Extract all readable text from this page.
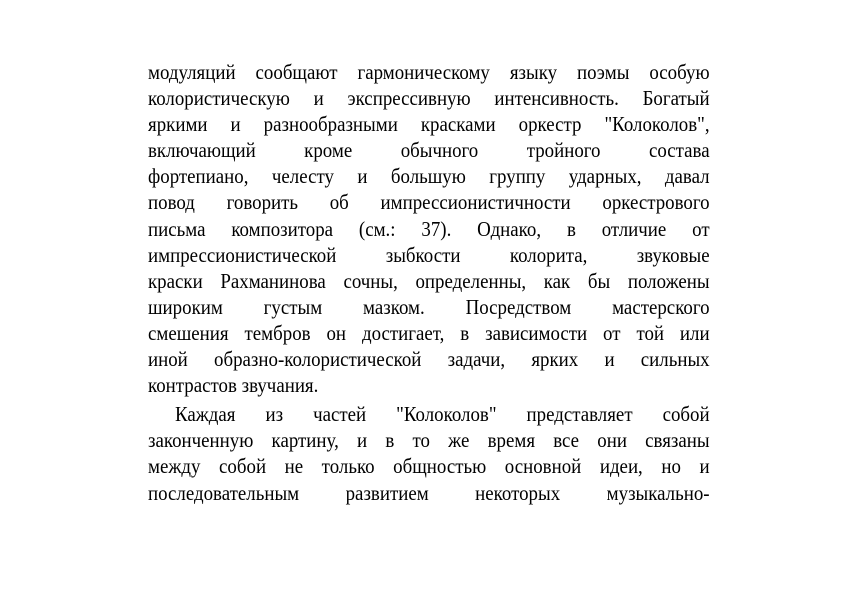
модуляций сообщают гармоническому языку поэмы особую
колористическую и экспрессивную интенсивность. Богатый
яркими и разнообразными красками оркестр "Колоколов",
включающий кроме обычного тройного состава
фортепиано, челесту и большую группу ударных, давал
повод говорить об импрессионистичности оркестрового
письма композитора (см.: 37). Однако, в отличие от
импрессионистической зыбкости колорита, звуковые
краски Рахманинова сочны, определенны, как бы положены
широким густым мазком. Посредством мастерского
смешения тембров он достигает, в зависимости от той или
иной образно-колористической задачи, ярких и сильных
контрастов звучания.
Каждая из частей "Колоколов" представляет собой
законченную картину, и в то же время все они связаны
между собой не только общностью основной идеи, но и
последовательным развитием некоторых музыкально-
